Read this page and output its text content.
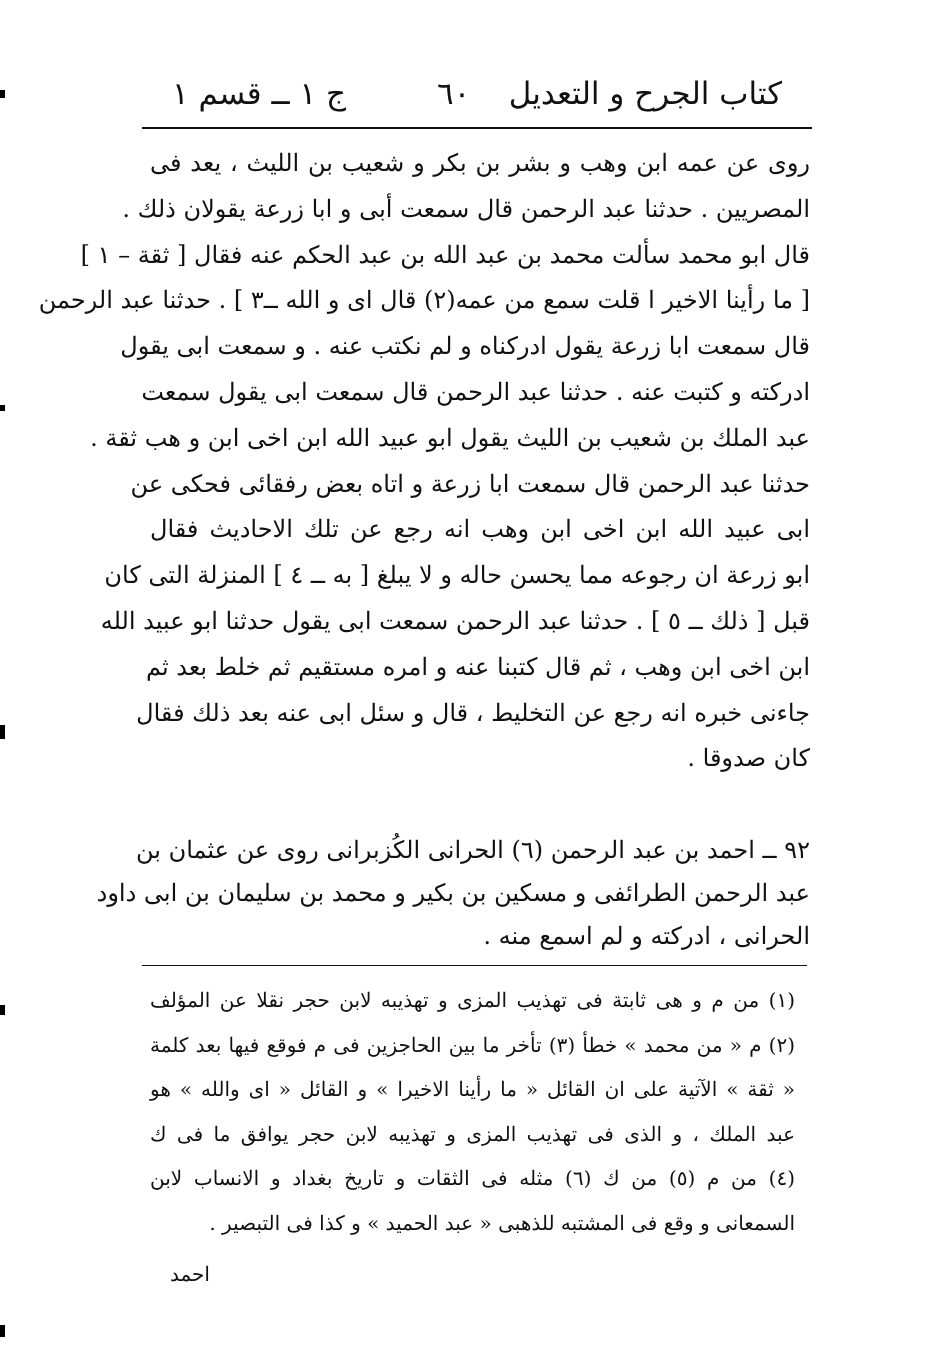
كتاب الجرح و التعديل
٦٠
ج ١ ــ قسم ١
روى عن عمه ابن وهب و بشر بن بكر و شعيب بن الليث ، يعد فى
المصريين . حدثنا عبد الرحمن قال سمعت أبى و ابا زرعة يقولان ذلك .
قال ابو محمد سألت محمد بن عبد الله بن عبد الحكم عنه فقال [ ثقة – ١ ]
[ ما رأينا الاخير ا قلت سمع من عمه(٢) قال اى و الله ــ٣ ] . حدثنا عبد الرحمن
قال سمعت ابا زرعة يقول ادركناه و لم نكتب عنه . و سمعت ابى يقول
ادركته و كتبت عنه . حدثنا عبد الرحمن قال سمعت ابى يقول سمعت
عبد الملك بن شعيب بن الليث يقول ابو عبيد الله ابن اخى ابن و هب ثقة .
حدثنا عبد الرحمن قال سمعت ابا زرعة و اتاه بعض رفقائى فحكى عن
ابى عبيد الله ابن اخى ابن وهب انه رجع عن تلك الاحاديث فقال
ابو زرعة ان رجوعه مما يحسن حاله و لا يبلغ [ به ــ ٤ ] المنزلة التى كان
قبل [ ذلك ــ ٥ ] . حدثنا عبد الرحمن سمعت ابى يقول حدثنا ابو عبيد الله
ابن اخى ابن وهب ، ثم قال كتبنا عنه و امره مستقيم ثم خلط بعد ثم
جاءنى خبره انه رجع عن التخليط ، قال و سئل ابى عنه بعد ذلك فقال
كان صدوقا .
٩٢ ــ احمد بن عبد الرحمن (٦) الحرانى الكُزبرانى روى عن عثمان بن
عبد الرحمن الطرائفى و مسكين بن بكير و محمد بن سليمان بن ابى داود
الحرانى ، ادركته و لم اسمع منه .
(١) من م و هى ثابتة فى تهذيب المزى و تهذيبه لابن حجر نقلا عن المؤلف
(٢) م « من محمد » خطأ (٣) تأخر ما بين الحاجزين فى م فوقع فيها بعد كلمة
« ثقة » الآتية على ان القائل « ما رأينا الاخيرا » و القائل « اى والله » هو
عبد الملك ، و الذى فى تهذيب المزى و تهذيبه لابن حجر يوافق ما فى ك
(٤) من م (٥) من ك (٦) مثله فى الثقات و تاريخ بغداد و الانساب لابن
السمعانى و وقع فى المشتبه للذهبى « عبد الحميد » و كذا فى التبصير .
احمد
